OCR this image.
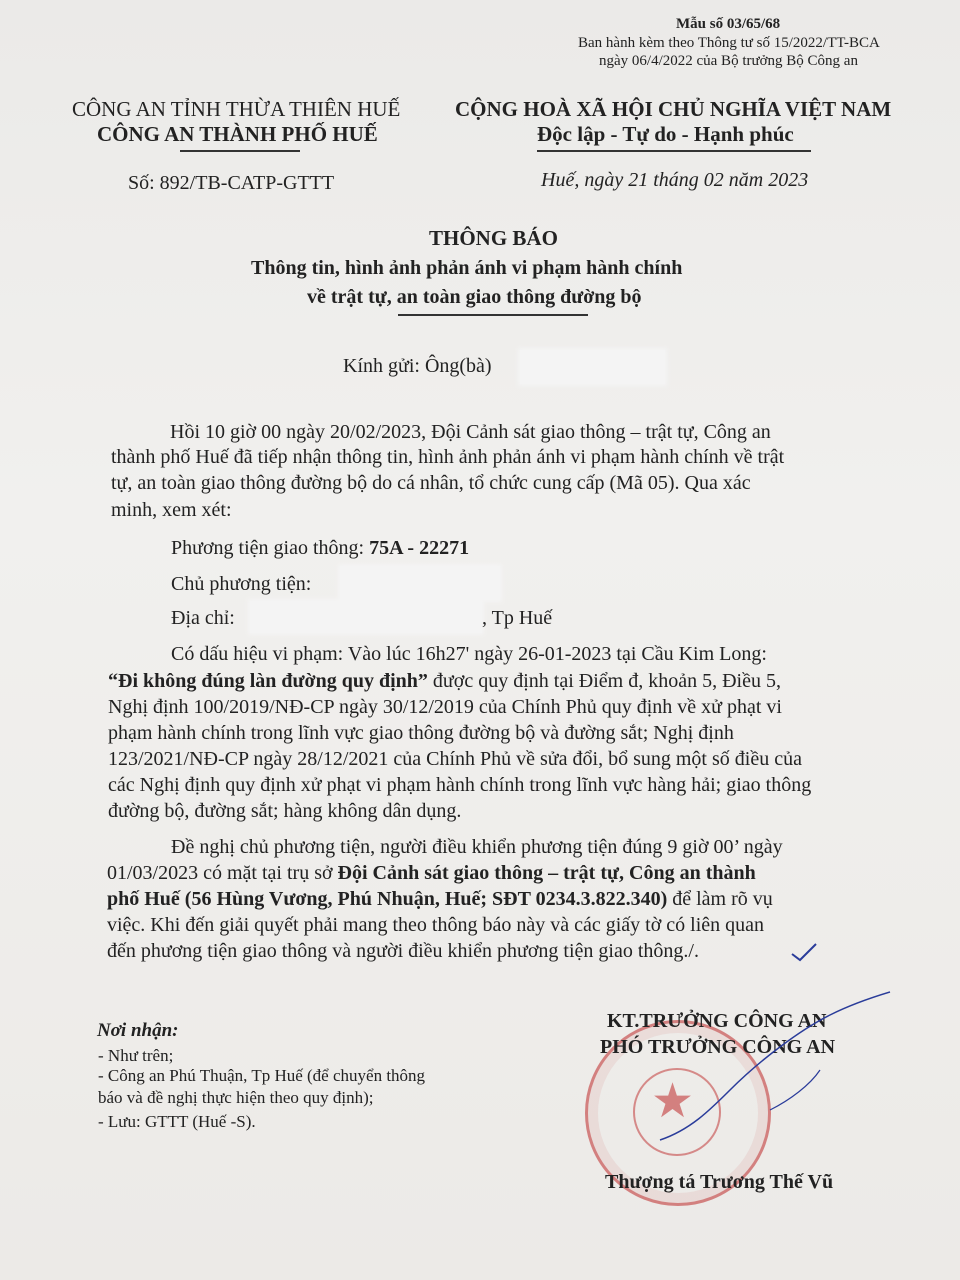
Mẫu số 03/65/68
Ban hành kèm theo Thông tư số 15/2022/TT-BCA
ngày 06/4/2022 của Bộ trưởng Bộ Công an
CÔNG AN TỈNH THỪA THIÊN HUẾ
CÔNG AN THÀNH PHỐ HUẾ
Số: 892/TB-CATP-GTTT
CỘNG HOÀ XÃ HỘI CHỦ NGHĨA VIỆT NAM
Độc lập - Tự do - Hạnh phúc
Huế, ngày 21 tháng 02 năm 2023
THÔNG BÁO
Thông tin, hình ảnh phản ánh vi phạm hành chính
về trật tự, an toàn giao thông đường bộ
Kính gửi: Ông(bà)
Hồi 10 giờ 00 ngày 20/02/2023, Đội Cảnh sát giao thông – trật tự, Công an
thành phố Huế đã tiếp nhận thông tin, hình ảnh phản ánh vi phạm hành chính về trật
tự, an toàn giao thông đường bộ do cá nhân, tổ chức cung cấp (Mã 05). Qua xác
minh, xem xét:
Phương tiện giao thông: 75A - 22271
Chủ phương tiện:
Địa chỉ:	, Tp Huế
Có dấu hiệu vi phạm: Vào lúc 16h27' ngày 26-01-2023 tại Cầu Kim Long:
“Đi không đúng làn đường quy định” được quy định tại Điểm đ, khoản 5, Điều 5,
Nghị định 100/2019/NĐ-CP ngày 30/12/2019 của Chính Phủ quy định về xử phạt vi
phạm hành chính trong lĩnh vực giao thông đường bộ và đường sắt; Nghị định
123/2021/NĐ-CP ngày 28/12/2021 của Chính Phủ về sửa đổi, bổ sung một số điều của
các Nghị định quy định xử phạt vi phạm hành chính trong lĩnh vực hàng hải; giao thông
đường bộ, đường sắt; hàng không dân dụng.
Đề nghị chủ phương tiện, người điều khiển phương tiện đúng 9 giờ 00’ ngày
01/03/2023 có mặt tại trụ sở Đội Cảnh sát giao thông – trật tự, Công an thành
phố Huế (56 Hùng Vương, Phú Nhuận, Huế; SĐT 0234.3.822.340) để làm rõ vụ
việc. Khi đến giải quyết phải mang theo thông báo này và các giấy tờ có liên quan
đến phương tiện giao thông và người điều khiển phương tiện giao thông./.
Nơi nhận:
- Như trên;
- Công an Phú Thuận, Tp Huế (để chuyển thông
báo và đề nghị thực hiện theo quy định);
- Lưu: GTTT (Huế -S).	★
KT.TRƯỞNG CÔNG AN
PHÓ TRƯỞNG CÔNG AN
Thượng tá Trương Thế Vũ
